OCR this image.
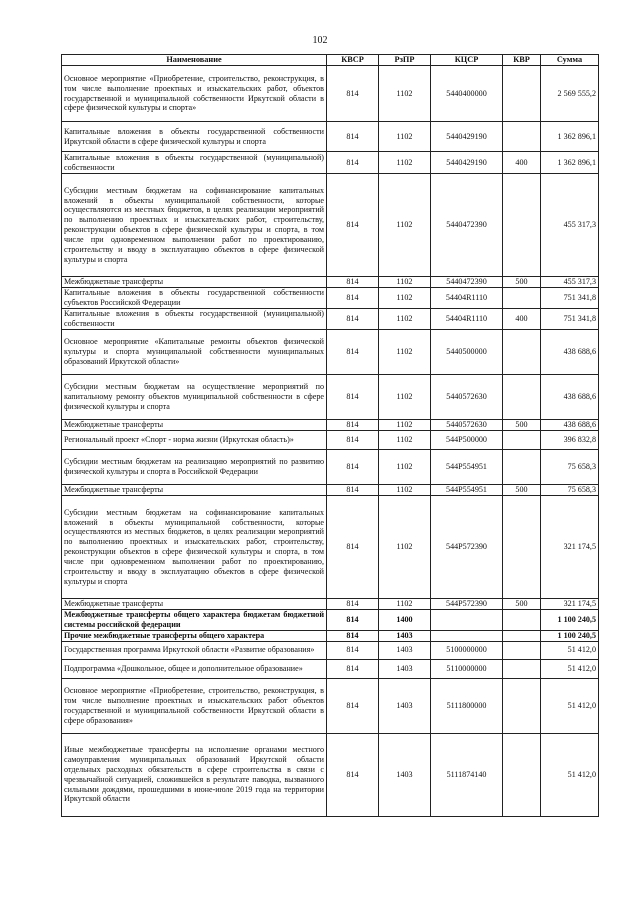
102
Наименование	КВСР	РзПР	КЦСР	КВР	Сумма
Основное мероприятие «Приобретение, строительство, реконструкция, в том числе выполнение проектных и изыскательских работ, объектов государственной и муниципальной собственности Иркутской области в сфере физической культуры и спорта»	814	1102	5440400000		2 569 555,2
Капитальные вложения в объекты государственной собственности Иркутской области в сфере физической культуры и спорта	814	1102	5440429190		1 362 896,1
Капитальные вложения в объекты государственной (муниципальной) собственности	814	1102	5440429190	400	1 362 896,1
Субсидии местным бюджетам на софинансирование капитальных вложений в объекты муниципальной собственности, которые осуществляются из местных бюджетов, в целях реализации мероприятий по выполнению проектных и изыскательских работ, строительству, реконструкции объектов в сфере физической культуры и спорта, в том числе при одновременном выполнении работ по проектированию, строительству и вводу в эксплуатацию объектов в сфере физической культуры и спорта	814	1102	5440472390		455 317,3
Межбюджетные трансферты	814	1102	5440472390	500	455 317,3
Капитальные вложения в объекты государственной собственности субъектов Российской Федерации	814	1102	54404R1110		751 341,8
Капитальные вложения в объекты государственной (муниципальной) собственности	814	1102	54404R1110	400	751 341,8
Основное мероприятие «Капитальные ремонты объектов физической культуры и спорта муниципальной собственности муниципальных образований Иркутской области»	814	1102	5440500000		438 688,6
Субсидии местным бюджетам на осуществление мероприятий по капитальному ремонту объектов муниципальной собственности в сфере физической культуры и спорта	814	1102	5440572630		438 688,6
Межбюджетные трансферты	814	1102	5440572630	500	438 688,6
Региональный проект «Спорт - норма жизни (Иркутская область)»	814	1102	544P500000		396 832,8
Субсидии местным бюджетам на реализацию мероприятий по развитию физической культуры и спорта в Российской Федерации	814	1102	544P554951		75 658,3
Межбюджетные трансферты	814	1102	544P554951	500	75 658,3
Субсидии местным бюджетам на софинансирование капитальных вложений в объекты муниципальной собственности, которые осуществляются из местных бюджетов, в целях реализации мероприятий по выполнению проектных и изыскательских работ, строительству, реконструкции объектов в сфере физической культуры и спорта, в том числе при одновременном выполнении работ по проектированию, строительству и вводу в эксплуатацию объектов в сфере физической культуры и спорта	814	1102	544P572390		321 174,5
Межбюджетные трансферты	814	1102	544P572390	500	321 174,5
Межбюджетные трансферты общего характера бюджетам бюджетной системы российской федерации	814	1400			1 100 240,5
Прочие межбюджетные трансферты общего характера	814	1403			1 100 240,5
Государственная программа Иркутской области «Развитие образования»	814	1403	5100000000		51 412,0
Подпрограмма «Дошкольное, общее и дополнительное образование»	814	1403	5110000000		51 412,0
Основное мероприятие «Приобретение, строительство, реконструкция, в том числе выполнение проектных и изыскательских работ объектов государственной и муниципальной собственности Иркутской области в сфере образования»	814	1403	5111800000		51 412,0
Иные межбюджетные трансферты на исполнение органами местного самоуправления муниципальных образований Иркутской области отдельных расходных обязательств в сфере строительства в связи с чрезвычайной ситуацией, сложившейся в результате паводка, вызванного сильными дождями, прошедшими в июне-июле 2019 года на территории Иркутской области	814	1403	5111874140		51 412,0
